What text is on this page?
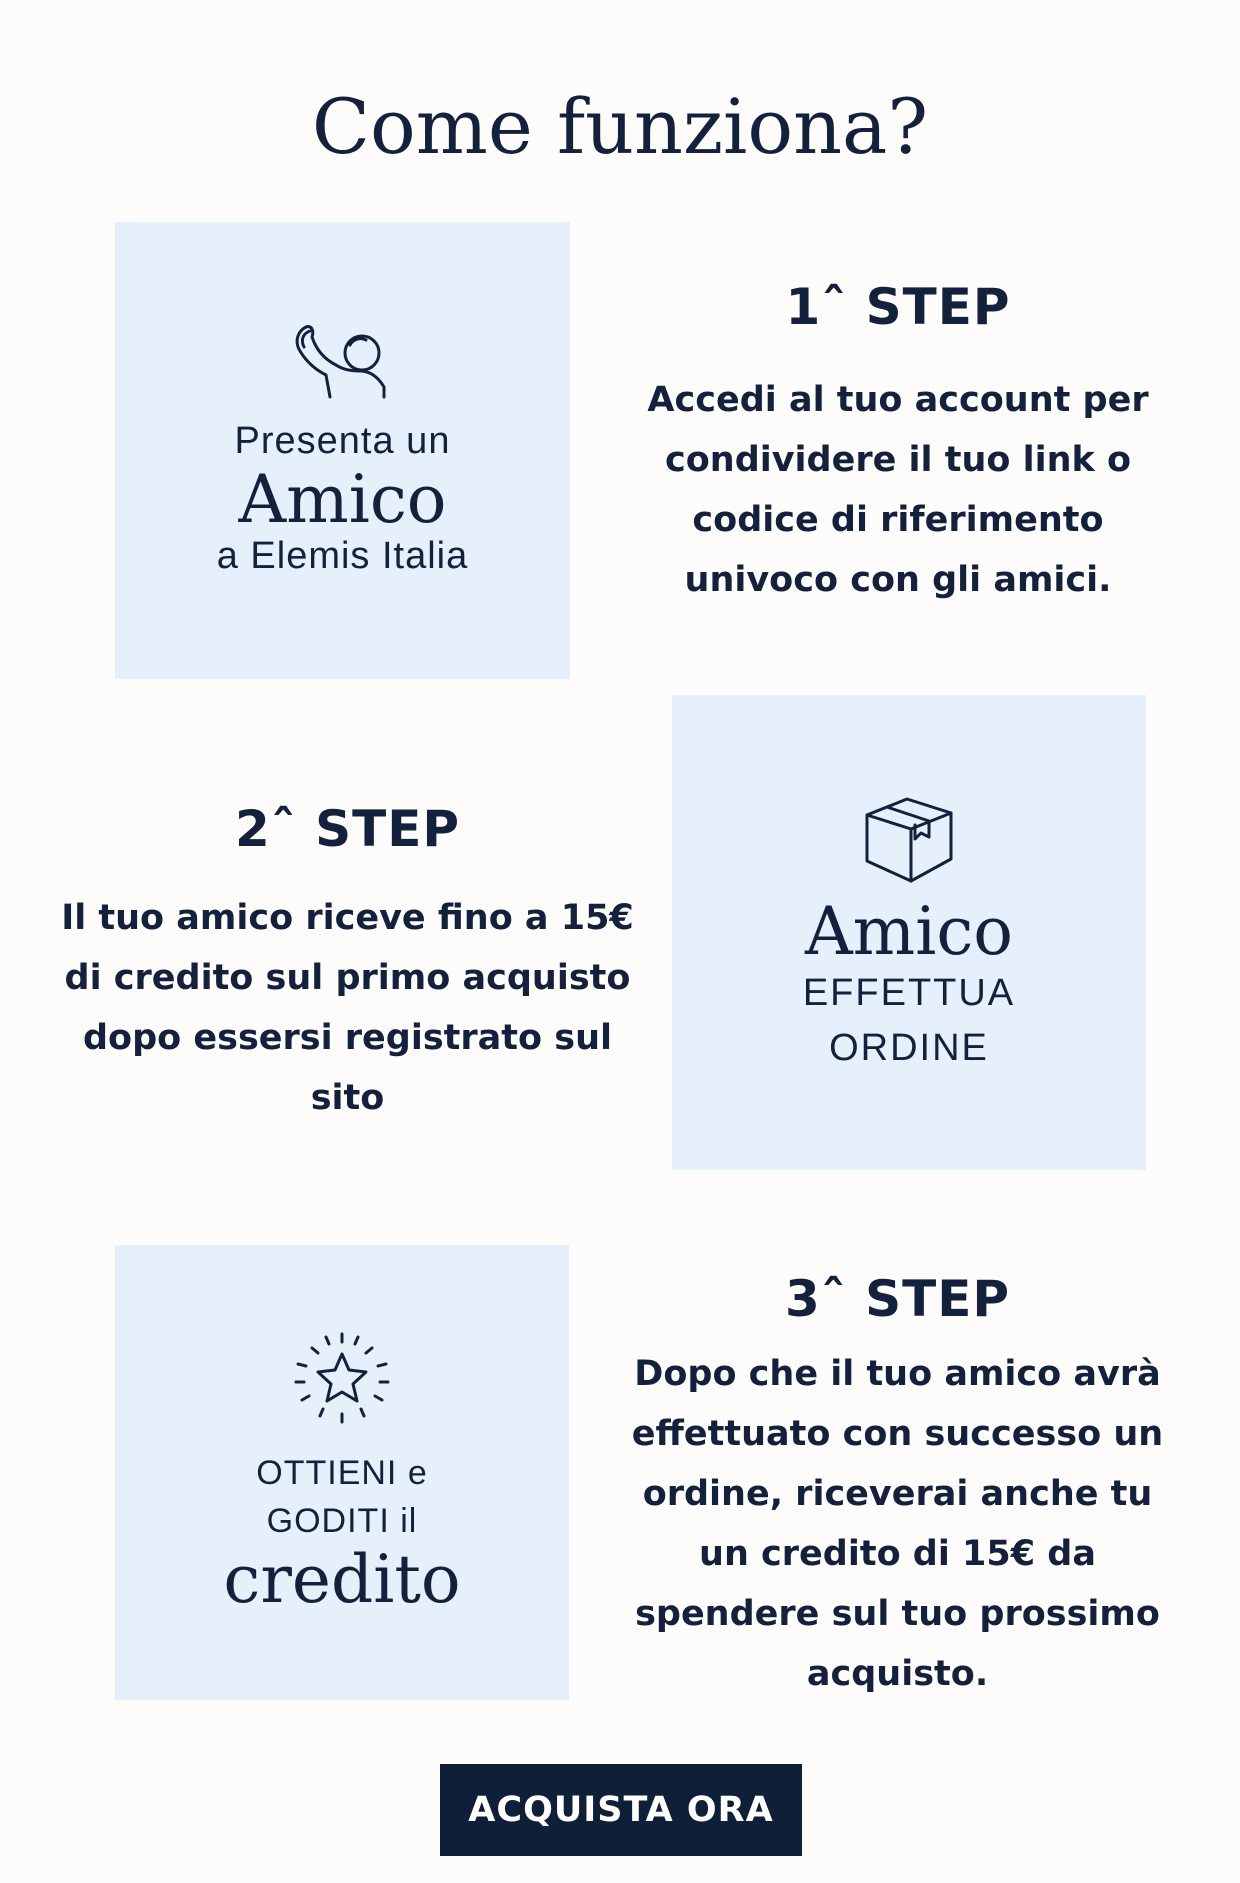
Come funziona?
Presenta un
Amico
a Elemis Italia
1ˆ STEP

Accedi al tuo account per condividere il tuo link o codice di riferimento univoco con gli amici.

2ˆ STEP

Il tuo amico riceve fino a 15€ di credito sul primo acquisto dopo essersi registrato sul sito

Amico
EFFETTUA
ORDINE
OTTIENI e
GODITI il
credito
3ˆ STEP

Dopo che il tuo amico avrà effettuato con successo un ordine, riceverai anche tu un credito di 15€ da spendere sul tuo prossimo acquisto.

ACQUISTA ORA
